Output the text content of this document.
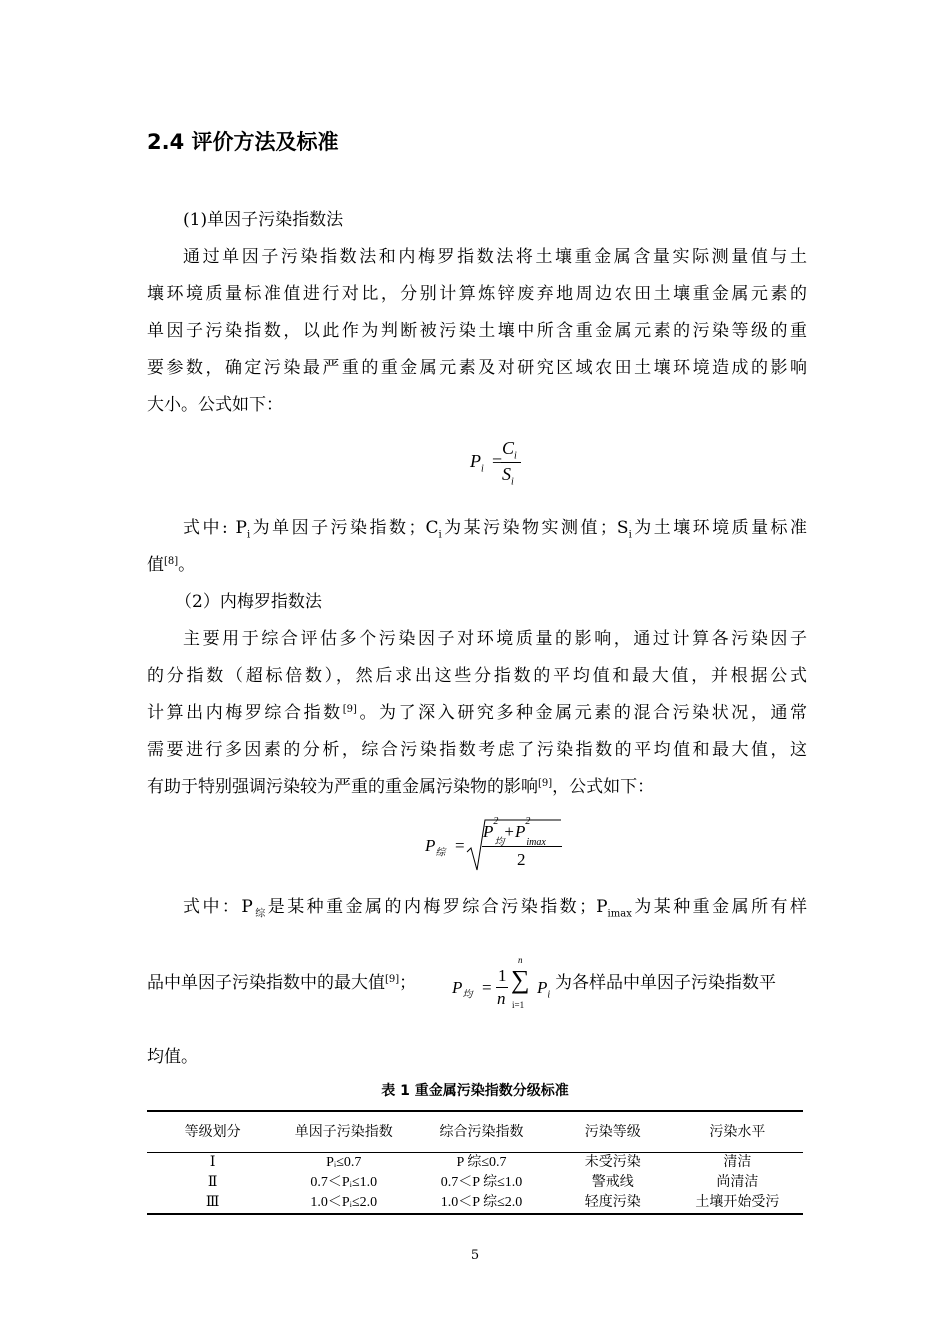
2.4 评价方法及标准
(1)单因子污染指数法
通过单因子污染指数法和内梅罗指数法将土壤重金属含量实际测量值与土
壤环境质量标准值进行对比，分别计算炼锌废弃地周边农田土壤重金属元素的
单因子污染指数，以此作为判断被污染土壤中所含重金属元素的污染等级的重
要参数，确定污染最严重的重金属元素及对研究区域农田土壤环境造成的影响
大小。公式如下：
$P_i$ =
$C_i$
$S_i$
式中: $P_i$为单因子污染指数；$C_i$为某污染物实测值；$S_i$为土壤环境质量标准
值[8]。
（2）内梅罗指数法
主要用于综合评估多个污染因子对环境质量的影响，通过计算各污染因子
的分指数（超标倍数），然后求出这些分指数的平均值和最大值，并根据公式
计算出内梅罗综合指数[9]。为了深入研究多种金属元素的混合污染状况，通常
需要进行多因素的分析，综合污染指数考虑了污染指数的平均值和最大值，这
有助于特别强调污染较为严重的重金属污染物的影响[9]，公式如下：
$P_综$ =
P
2
$_均$+P
2
$_{imax}$
2
式中：$P_综$是某种重金属的内梅罗综合污染指数；$P_{imax}$为某种重金属所有样
品中单因子污染指数中的最大值[9]；	$P_均$ =
1
n
n
∑
i=1
$P_i$
为各样品中单因子污染指数平
均值。
表 1 重金属污染指数分级标准
等级划分	单因子污染指数	综合污染指数	污染等级	污染水平
Ⅰ	Pᵢ≤0.7	P 综≤0.7	未受污染	清洁
Ⅱ	0.7＜Pᵢ≤1.0	0.7＜P 综≤1.0	警戒线	尚清洁
Ⅲ	1.0＜Pᵢ≤2.0	1.0＜P 综≤2.0	轻度污染	土壤开始受污
5
